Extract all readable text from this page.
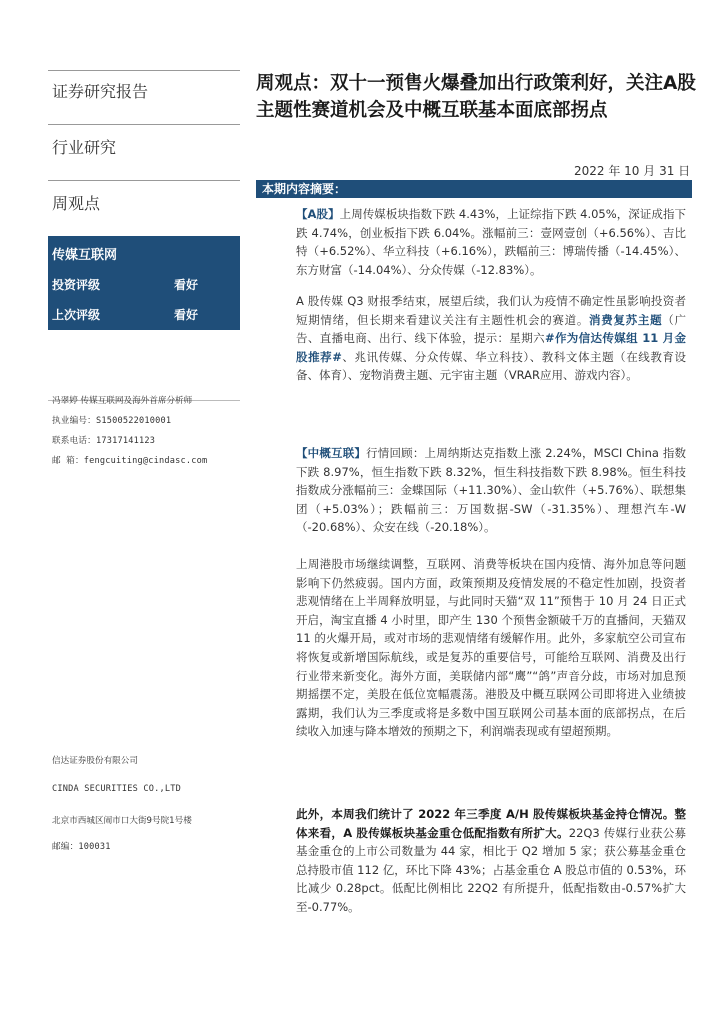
证券研究报告
行业研究
周观点
传媒互联网
投资评级	看好
上次评级	看好
冯翠婷 传媒互联网及海外首席分析师
执业编号：S1500522010001
联系电话：17317141123
邮 箱：fengcuiting@cindasc.com
信达证券股份有限公司
CINDA SECURITIES CO.,LTD
北京市西城区闹市口大街9号院1号楼
邮编：100031
周观点：双十一预售火爆叠加出行政策利好，关注A股主题性赛道机会及中概互联基本面底部拐点
2022 年 10 月 31 日
本期内容摘要：
【A股】上周传媒板块指数下跌 4.43%，上证综指下跌 4.05%，深证成指下跌 4.74%，创业板指下跌 6.04%。涨幅前三：壹网壹创（+6.56%）、吉比特（+6.52%）、华立科技（+6.16%），跌幅前三：博瑞传播（-14.45%）、东方财富（-14.04%）、分众传媒（-12.83%）。
A 股传媒 Q3 财报季结束，展望后续，我们认为疫情不确定性虽影响投资者短期情绪，但长期来看建议关注有主题性机会的赛道。消费复苏主题（广告、直播电商、出行、线下体验，提示：星期六#作为信达传媒组 11 月金股推荐#、兆讯传媒、分众传媒、华立科技）、教科文体主题（在线教育设备、体育）、宠物消费主题、元宇宙主题（VRAR应用、游戏内容）。
【中概互联】行情回顾：上周纳斯达克指数上涨 2.24%，MSCI China 指数下跌 8.97%，恒生指数下跌 8.32%，恒生科技指数下跌 8.98%。恒生科技指数成分涨幅前三：金蝶国际（+11.30%）、金山软件（+5.76%）、联想集团（+5.03%）；跌幅前三：万国数据-SW（-31.35%）、理想汽车-W（-20.68%）、众安在线（-20.18%）。
上周港股市场继续调整，互联网、消费等板块在国内疫情、海外加息等问题影响下仍然疲弱。国内方面，政策预期及疫情发展的不稳定性加剧，投资者悲观情绪在上半周释放明显，与此同时天猫“双 11”预售于 10 月 24 日正式开启，淘宝直播 4 小时里，即产生 130 个预售金额破千万的直播间，天猫双 11 的火爆开局，或对市场的悲观情绪有缓解作用。此外，多家航空公司宣布将恢复或新增国际航线，或是复苏的重要信号，可能给互联网、消费及出行行业带来新变化。海外方面，美联储内部“鹰”“鸽”声音分歧，市场对加息预期摇摆不定，美股在低位宽幅震荡。港股及中概互联网公司即将进入业绩披露期，我们认为三季度或将是多数中国互联网公司基本面的底部拐点，在后续收入加速与降本增效的预期之下，利润端表现或有望超预期。
此外，本周我们统计了 2022 年三季度 A/H 股传媒板块基金持仓情况。整体来看，A 股传媒板块基金重仓低配指数有所扩大。22Q3 传媒行业获公募基金重仓的上市公司数量为 44 家，相比于 Q2 增加 5 家；获公募基金重仓总持股市值 112 亿，环比下降 43%；占基金重仓 A 股总市值的 0.53%，环比减少 0.28pct。低配比例相比 22Q2 有所提升，低配指数由-0.57%扩大至-0.77%。
